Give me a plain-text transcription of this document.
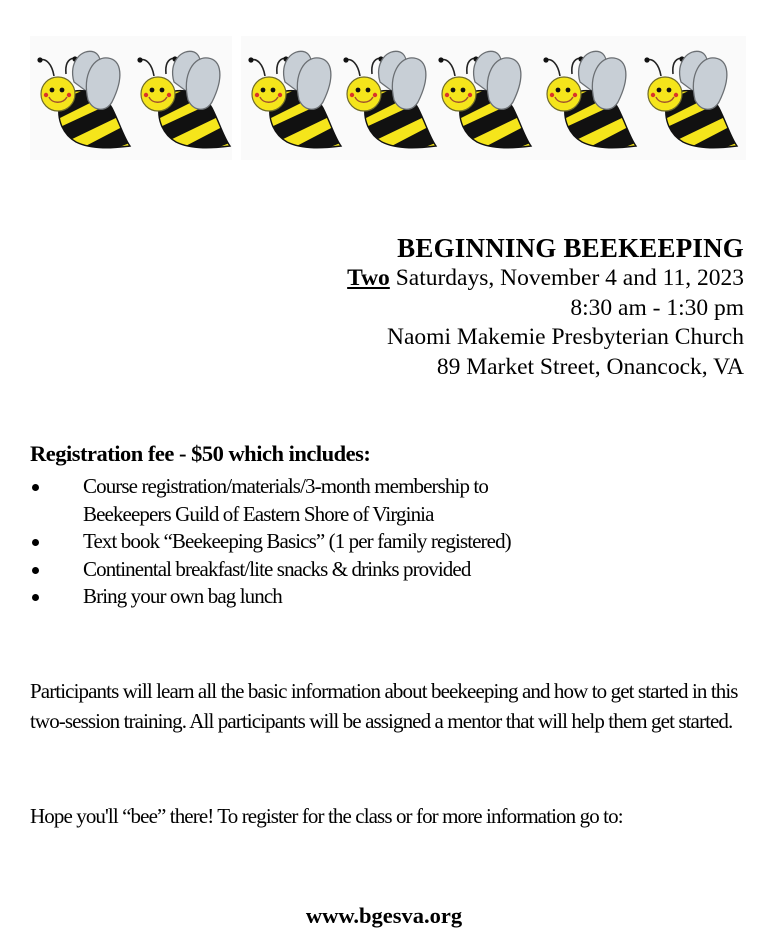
BEGINNING BEEKEEPING
Two Saturdays, November 4 and 11, 2023
8:30 am - 1:30 pm
Naomi Makemie Presbyterian Church
89 Market Street, Onancock, VA
Registration fee - $50 which includes:
Course registration/materials/3-month membership to
Beekeepers Guild of Eastern Shore of Virginia
Text book “Beekeeping Basics” (1 per family registered)
Continental breakfast/lite snacks & drinks provided
Bring your own bag lunch
Participants will learn all the basic information about beekeeping and how to get started in this two-session training. All participants will be assigned a mentor that will help them get started.
Hope you'll “bee” there! To register for the class or for more information go to:
www.bgesva.org
